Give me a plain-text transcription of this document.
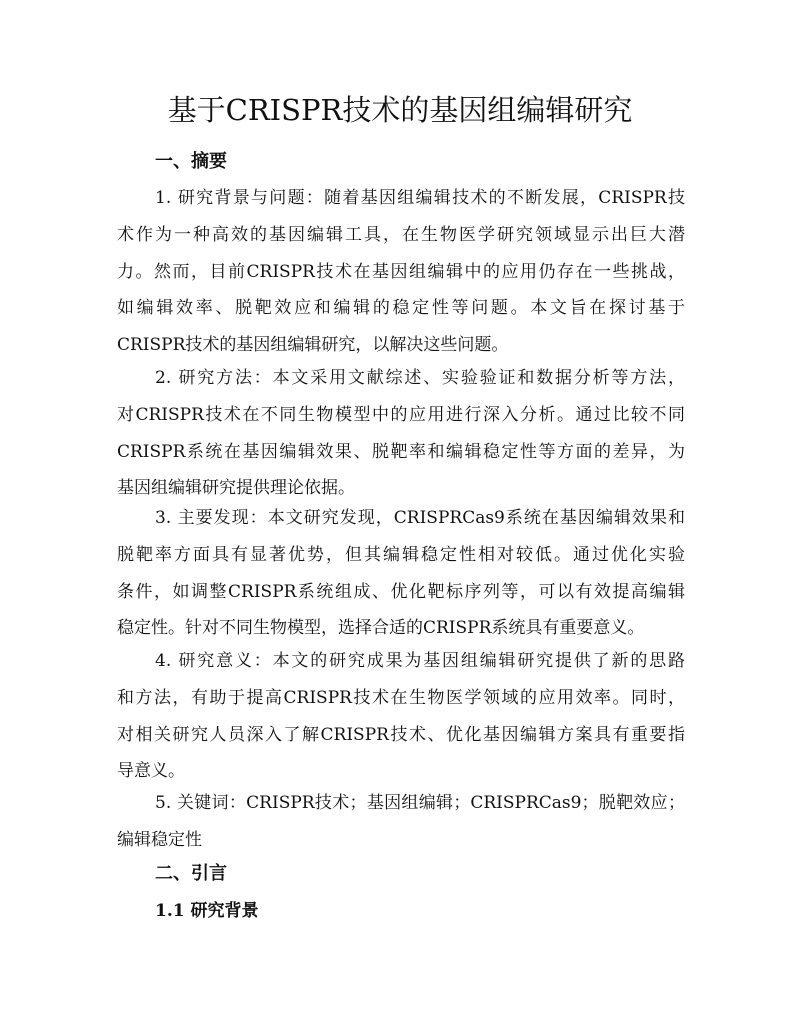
基于CRISPR技术的基因组编辑研究
一、摘要
1. 研究背景与问题：随着基因组编辑技术的不断发展，CRISPR技
术作为一种高效的基因编辑工具，在生物医学研究领域显示出巨大潜
力。然而，目前CRISPR技术在基因组编辑中的应用仍存在一些挑战，
如编辑效率、脱靶效应和编辑的稳定性等问题。本文旨在探讨基于
CRISPR技术的基因组编辑研究，以解决这些问题。
2. 研究方法：本文采用文献综述、实验验证和数据分析等方法，
对CRISPR技术在不同生物模型中的应用进行深入分析。通过比较不同
CRISPR系统在基因编辑效果、脱靶率和编辑稳定性等方面的差异，为
基因组编辑研究提供理论依据。
3. 主要发现：本文研究发现，CRISPRCas9系统在基因编辑效果和
脱靶率方面具有显著优势，但其编辑稳定性相对较低。通过优化实验
条件，如调整CRISPR系统组成、优化靶标序列等，可以有效提高编辑
稳定性。针对不同生物模型，选择合适的CRISPR系统具有重要意义。
4. 研究意义：本文的研究成果为基因组编辑研究提供了新的思路
和方法，有助于提高CRISPR技术在生物医学领域的应用效率。同时，
对相关研究人员深入了解CRISPR技术、优化基因编辑方案具有重要指
导意义。
5. 关键词：CRISPR技术；基因组编辑；CRISPRCas9；脱靶效应；
编辑稳定性
二、引言
1.1 研究背景
